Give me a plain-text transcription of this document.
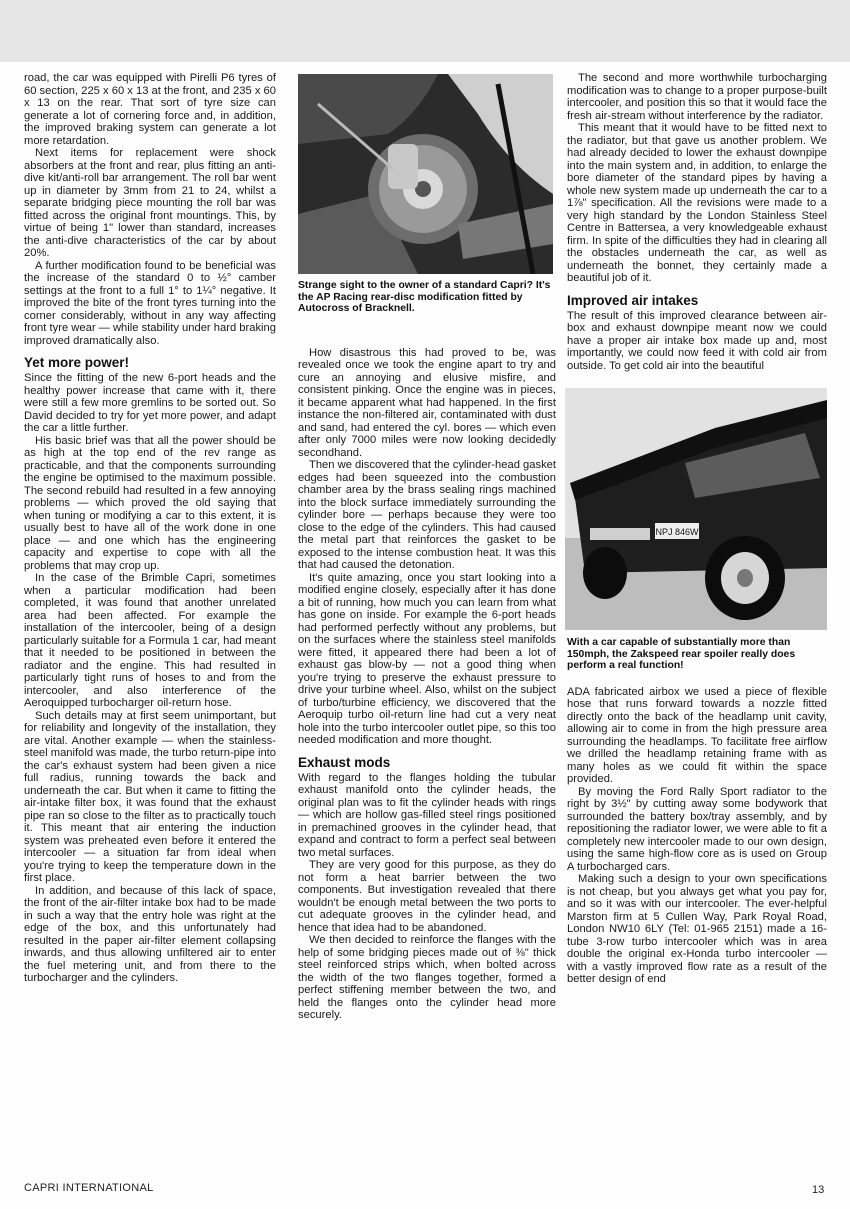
road, the car was equipped with Pirelli P6 tyres of 60 section, 225 x 60 x 13 at the front, and 235 x 60 x 13 on the rear. That sort of tyre size can generate a lot of cornering force and, in addition, the improved braking system can generate a lot more retardation.

Next items for replacement were shock absorbers at the front and rear, plus fitting an anti-dive kit/anti-roll bar arrangement. The roll bar went up in diameter by 3mm from 21 to 24, whilst a separate bridging piece mounting the roll bar was fitted across the original front mountings. This, by virtue of being 1" lower than standard, increases the anti-dive characteristics of the car by about 20%.

A further modification found to be beneficial was the increase of the standard 0 to ½° camber settings at the front to a full 1° to 1¼° negative. It improved the bite of the front tyres turning into the corner considerably, without in any way affecting front tyre wear — while stability under hard braking improved dramatically also.

Yet more power!

Since the fitting of the new 6-port heads and the healthy power increase that came with it, there were still a few more gremlins to be sorted out. So David decided to try for yet more power, and adapt the car a little further.

His basic brief was that all the power should be as high at the top end of the rev range as practicable, and that the components surrounding the engine be optimised to the maximum possible. The second rebuild had resulted in a few annoying problems — which proved the old saying that when tuning or modifying a car to this extent, it is usually best to have all of the work done in one place — and one which has the engineering capacity and expertise to cope with all the problems that may crop up.

In the case of the Brimble Capri, sometimes when a particular modification had been completed, it was found that another unrelated area had been affected. For example the installation of the intercooler, being of a design particularly suitable for a Formula 1 car, had meant that it needed to be positioned in between the radiator and the engine. This had resulted in particularly tight runs of hoses to and from the intercooler, and also interference of the Aeroquipped turbocharger oil-return hose.

Such details may at first seem unimportant, but for reliability and longevity of the installation, they are vital. Another example — when the stainless-steel manifold was made, the turbo return-pipe into the car's exhaust system had been given a nice full radius, running towards the back and underneath the car. But when it came to fitting the air-intake filter box, it was found that the exhaust pipe ran so close to the filter as to practically touch it. This meant that air entering the induction system was preheated even before it entered the intercooler — a situation far from ideal when you're trying to keep the temperature down in the first place.

In addition, and because of this lack of space, the front of the air-filter intake box had to be made in such a way that the entry hole was right at the edge of the box, and this unfortunately had resulted in the paper air-filter element collapsing inwards, and thus allowing unfiltered air to enter the fuel metering unit, and from there to the turbocharger and the cylinders.

Strange sight to the owner of a standard Capri? It's the AP Racing rear-disc modification fitted by Autocross of Bracknell.

How disastrous this had proved to be, was revealed once we took the engine apart to try and cure an annoying and elusive misfire, and consistent pinking. Once the engine was in pieces, it became apparent what had happened. In the first instance the non-filtered air, contaminated with dust and sand, had entered the cyl. bores — which even after only 7000 miles were now looking decidedly secondhand.

Then we discovered that the cylinder-head gasket edges had been squeezed into the combustion chamber area by the brass sealing rings machined into the block surface immediately surrounding the cylinder bore — perhaps because they were too close to the edge of the cylinders. This had caused the metal part that reinforces the gasket to be exposed to the intense combustion heat. It was this that had caused the detonation.

It's quite amazing, once you start looking into a modified engine closely, especially after it has done a bit of running, how much you can learn from what has gone on inside. For example the 6-port heads had performed perfectly without any problems, but on the surfaces where the stainless steel manifolds were fitted, it appeared there had been a lot of exhaust gas blow-by — not a good thing when you're trying to preserve the exhaust pressure to drive your turbine wheel. Also, whilst on the subject of turbo/turbine efficiency, we discovered that the Aeroquip turbo oil-return line had cut a very neat hole into the turbo intercooler outlet pipe, so this too needed modification and more thought.

Exhaust mods

With regard to the flanges holding the tubular exhaust manifold onto the cylinder heads, the original plan was to fit the cylinder heads with rings — which are hollow gas-filled steel rings positioned in premachined grooves in the cylinder head, that expand and contract to form a perfect seal between two metal surfaces.

They are very good for this purpose, as they do not form a heat barrier between the two components. But investigation revealed that there wouldn't be enough metal between the two ports to cut adequate grooves in the cylinder head, and hence that idea had to be abandoned.

We then decided to reinforce the flanges with the help of some bridging pieces made out of ⅜" thick steel reinforced strips which, when bolted across the width of the two flanges together, formed a perfect stiffening member between the two, and held the flanges onto the cylinder head more securely.

The second and more worthwhile turbocharging modification was to change to a proper purpose-built intercooler, and position this so that it would face the fresh air-stream without interference by the radiator.

This meant that it would have to be fitted next to the radiator, but that gave us another problem. We had already decided to lower the exhaust downpipe into the main system and, in addition, to enlarge the bore diameter of the standard pipes by having a whole new system made up underneath the car to a 1⅞" specification. All the revisions were made to a very high standard by the London Stainless Steel Centre in Battersea, a very knowledgeable exhaust firm. In spite of the difficulties they had in clearing all the obstacles underneath the car, as well as underneath the bonnet, they certainly made a beautiful job of it.

Improved air intakes

The result of this improved clearance between air-box and exhaust downpipe meant now we could have a proper air intake box made up and, most importantly, we could now feed it with cold air from outside. To get cold air into the beautiful

NPJ 846W
With a car capable of substantially more than 150mph, the Zakspeed rear spoiler really does perform a real function!

ADA fabricated airbox we used a piece of flexible hose that runs forward towards a nozzle fitted directly onto the back of the headlamp unit cavity, allowing air to come in from the high pressure area surrounding the headlamps. To facilitate free airflow we drilled the headlamp retaining frame with as many holes as we could fit within the space provided.

By moving the Ford Rally Sport radiator to the right by 3½" by cutting away some bodywork that surrounded the battery box/tray assembly, and by repositioning the radiator lower, we were able to fit a completely new intercooler made to our own design, using the same high-flow core as is used on Group A turbocharged cars.

Making such a design to your own specifications is not cheap, but you always get what you pay for, and so it was with our intercooler. The ever-helpful Marston firm at 5 Cullen Way, Park Royal Road, London NW10 6LY (Tel: 01-965 2151) made a 16-tube 3-row turbo intercooler which was in area double the original ex-Honda turbo intercooler — with a vastly improved flow rate as a result of the better design of end

CAPRI INTERNATIONAL	13
